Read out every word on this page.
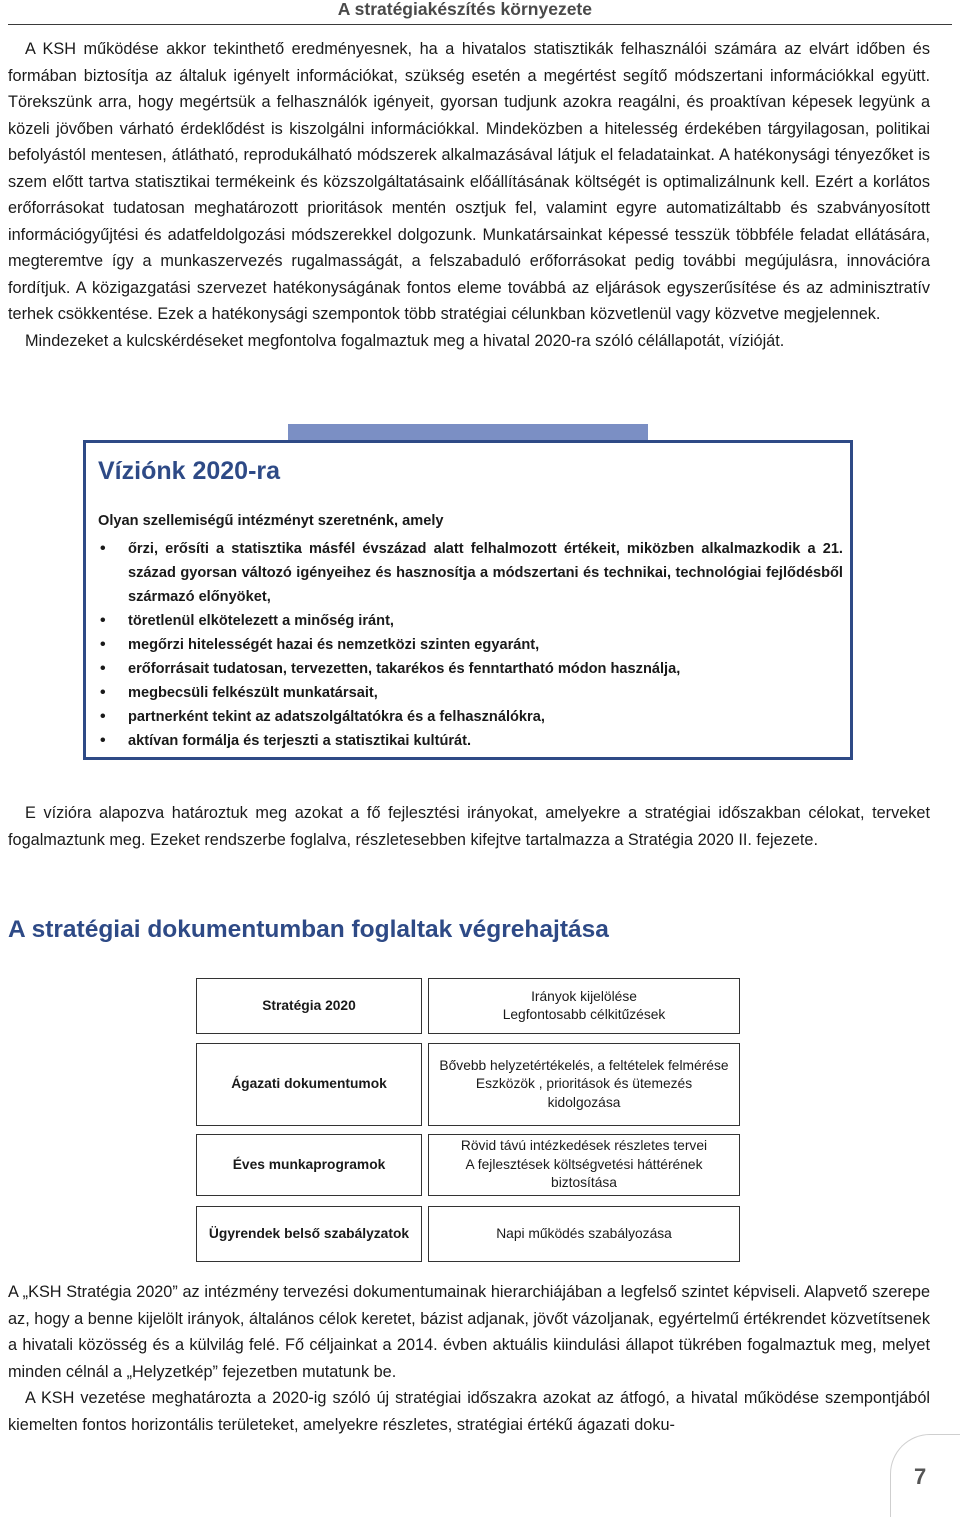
A stratégiakészítés környezete

A KSH működése akkor tekinthető eredményesnek, ha a hivatalos statisztikák felhasználói számára az elvárt időben és formában biztosítja az általuk igényelt információkat, szükség esetén a megértést segítő módszertani információkkal együtt. Törekszünk arra, hogy megértsük a felhasználók igényeit, gyorsan tudjunk azokra reagálni, és proaktívan képesek legyünk a közeli jövőben várható érdeklődést is kiszolgálni információkkal. Mindeközben a hitelesség érdekében tárgyilagosan, politikai befolyástól mentesen, átlátható, reprodukálható módszerek alkalmazásával látjuk el feladatainkat. A hatékonysági tényezőket is szem előtt tartva statisztikai termékeink és közszolgáltatásaink előállításának költségét is optimalizálnunk kell. Ezért a korlátos erőforrásokat tudatosan meghatározott prioritások mentén osztjuk fel, valamint egyre automatizáltabb és szabványosított információgyűjtési és adatfeldolgozási módszerekkel dolgozunk. Munkatársainkat képessé tesszük többféle feladat ellátására, megteremtve így a munkaszervezés rugalmasságát, a felszabaduló erőforrásokat pedig további megújulásra, innovációra fordítjuk. A közigazgatási szervezet hatékonyságának fontos eleme továbbá az eljárások egyszerűsítése és az adminisztratív terhek csökkentése. Ezek a hatékonysági szempontok több stratégiai célunkban közvetlenül vagy közvetve megjelennek.

Mindezeket a kulcskérdéseket megfontolva fogalmaztuk meg a hivatal 2020-ra szóló célállapotát, vízióját.

Víziónk 2020-ra
Olyan szellemiségű intézményt szeretnénk, amely
• őrzi, erősíti a statisztika másfél évszázad alatt felhalmozott értékeit, miközben alkalmazkodik a 21. század gyorsan változó igényeihez és hasznosítja a módszertani és technikai, technológiai fejlődésből származó előnyöket,
• töretlenül elkötelezett a minőség iránt,
• megőrzi hitelességét hazai és nemzetközi szinten egyaránt,
• erőforrásait tudatosan, tervezetten, takarékos és fenntartható módon használja,
• megbecsüli felkészült munkatársait,
• partnerként tekint az adatszolgáltatókra és a felhasználókra,
• aktívan formálja és terjeszti a statisztikai kultúrát.

E vízióra alapozva határoztuk meg azokat a fő fejlesztési irányokat, amelyekre a stratégiai időszakban célokat, terveket fogalmaztunk meg. Ezeket rendszerbe foglalva, részletesebben kifejtve tartalmazza a Stratégia 2020 II. fejezete.

A stratégiai dokumentumban foglaltak végrehajtása
Stratégia 2020
Irányok kijelölése
Legfontosabb célkitűzések
Ágazati dokumentumok
Bővebb helyzetértékelés, a feltételek felmérése
Eszközök , prioritások és ütemezés kidolgozása
Éves munkaprogramok
Rövid távú intézkedések részletes tervei
A fejlesztések költségvetési háttérének biztosítása
Ügyrendek belső szabályzatok	Napi működés szabályozása

A „KSH Stratégia 2020” az intézmény tervezési dokumentumainak hierarchiájában a legfelső szintet képviseli. Alapvető szerepe az, hogy a benne kijelölt irányok, általános célok keretet, bázist adjanak, jövőt vázoljanak, egyértelmű értékrendet közvetítsenek a hivatali közösség és a külvilág felé. Fő céljainkat a 2014. évben aktuális kiindulási állapot tükrében fogalmaztuk meg, melyet minden célnál a „Helyzetkép” fejezetben mutatunk be.

A KSH vezetése meghatározta a 2020-ig szóló új stratégiai időszakra azokat az átfogó, a hivatal működése szempontjából kiemelten fontos horizontális területeket, amelyekre részletes, stratégiai értékű ágazati doku-

7
